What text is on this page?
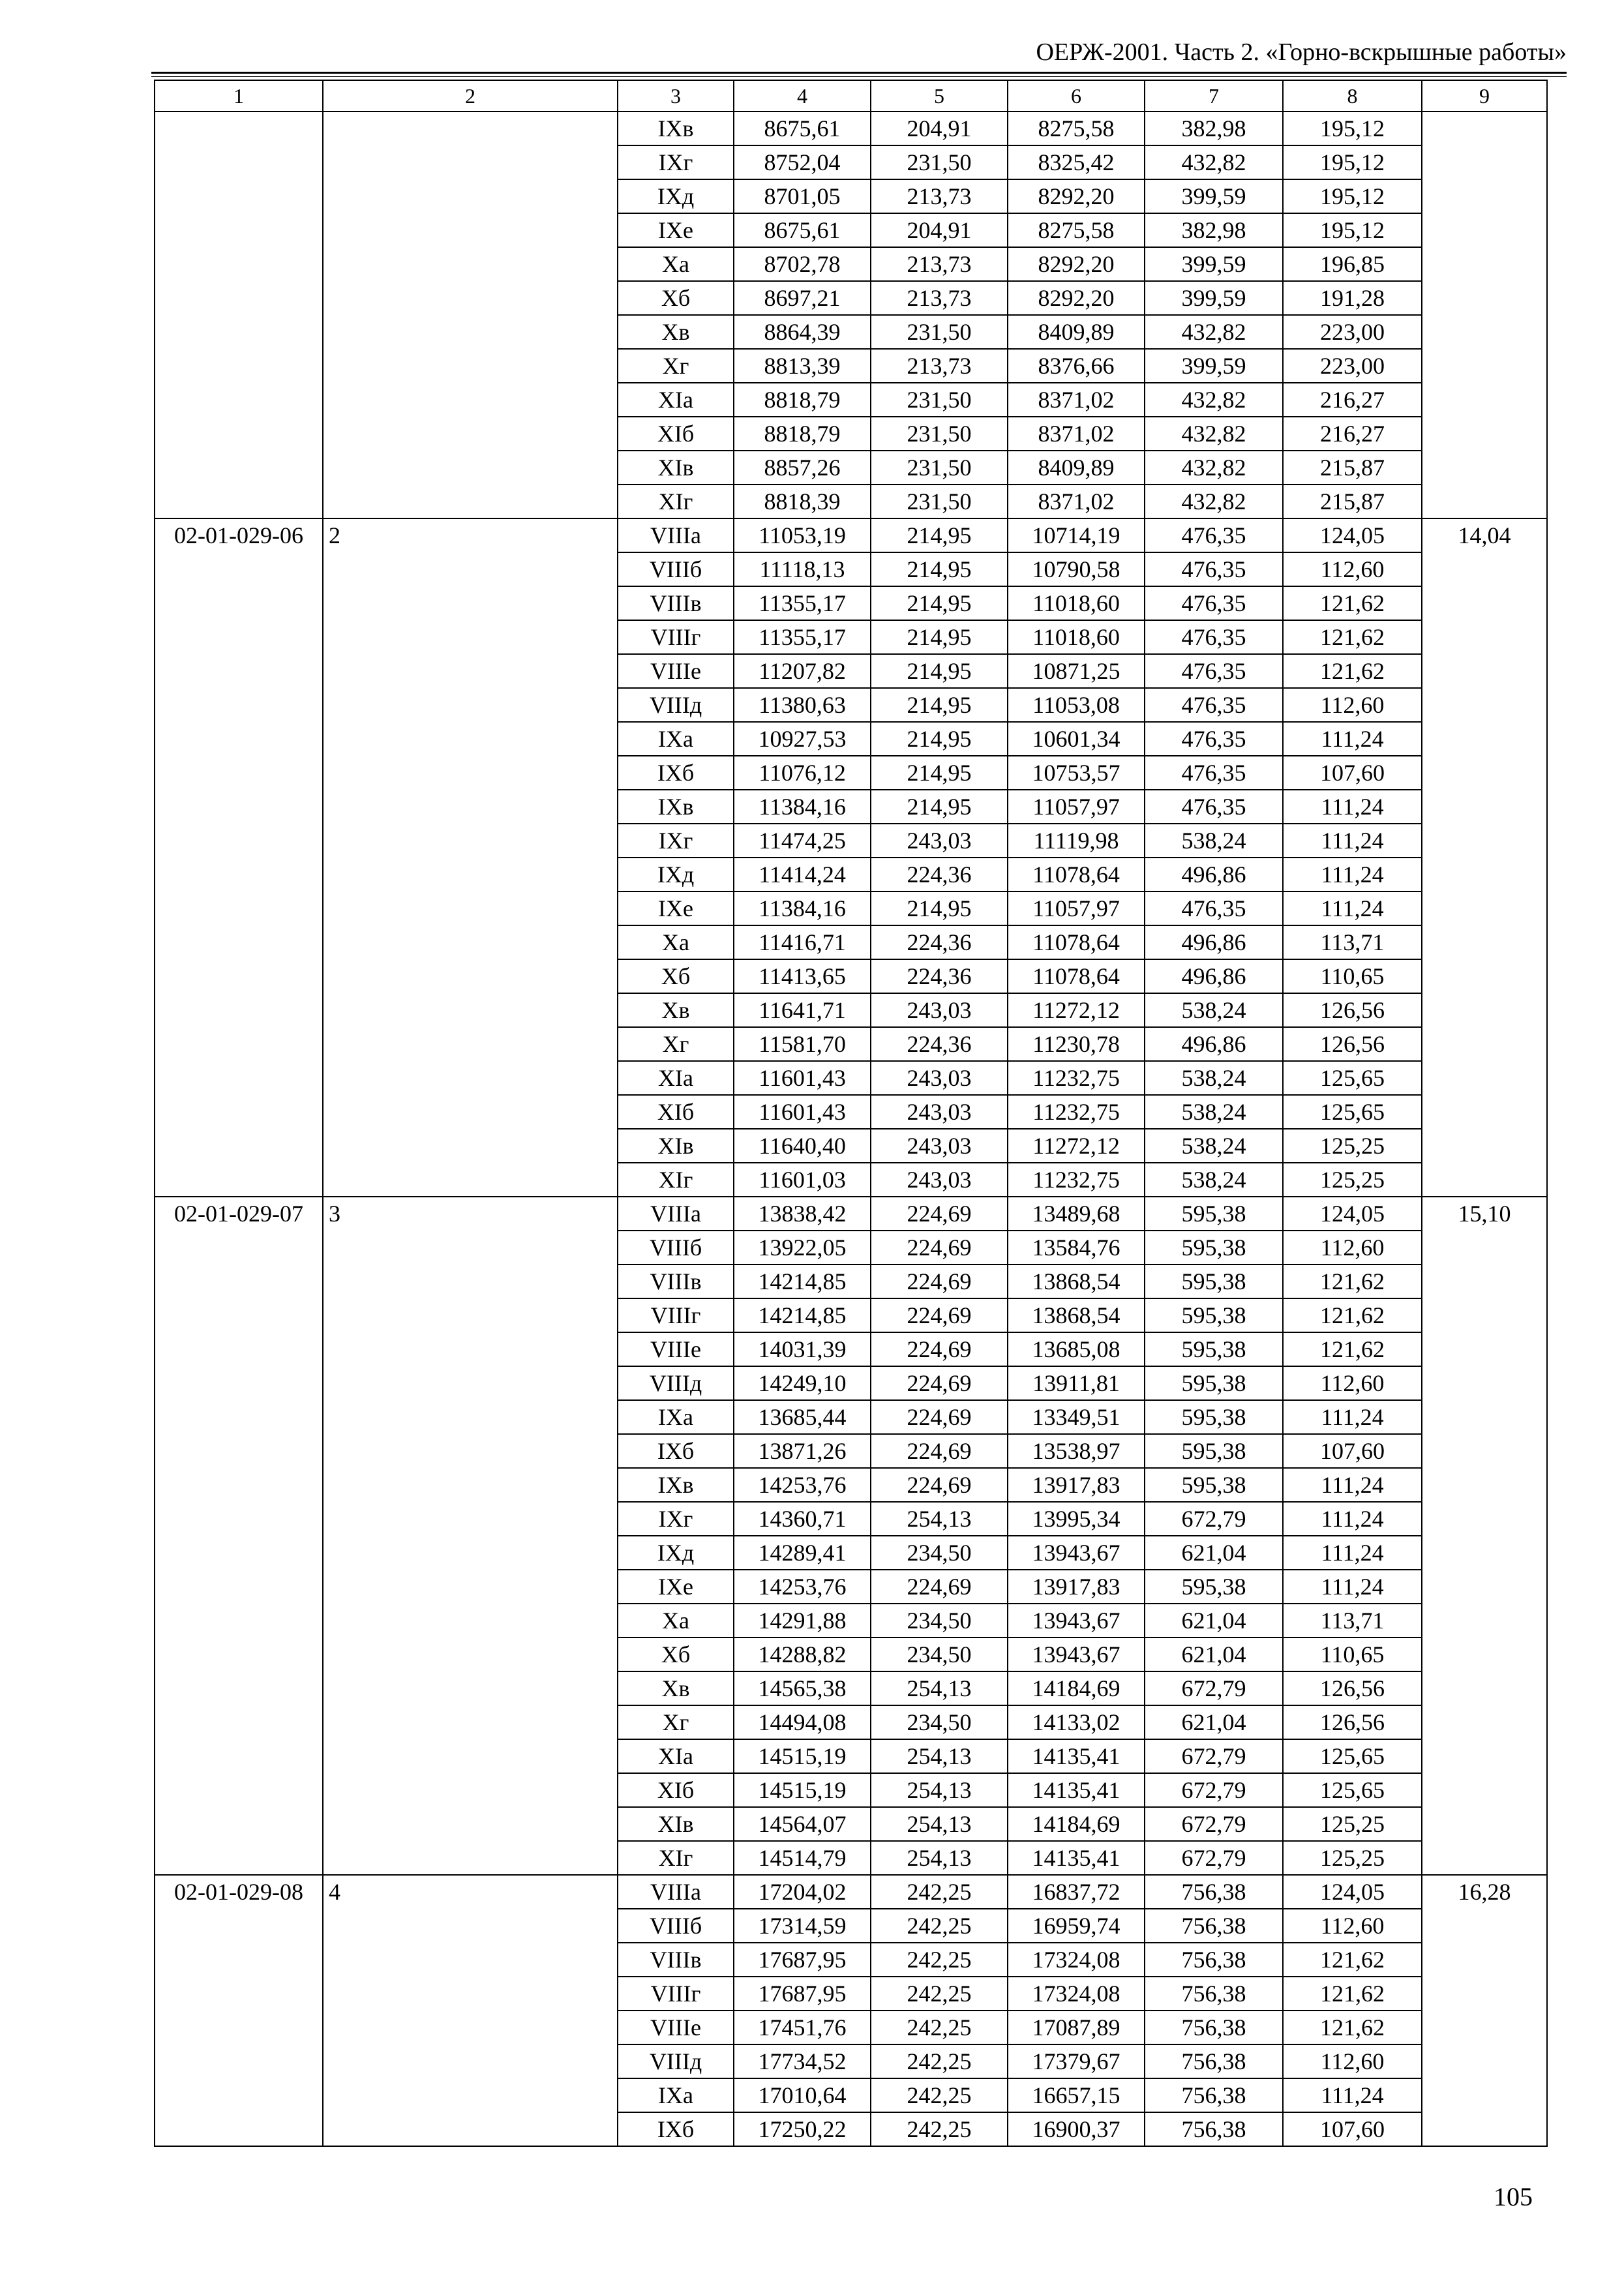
ОЕРЖ-2001. Часть 2. «Горно-вскрышные работы»
1	2	3	4	5	6	7	8	9
		IXв	8675,61	204,91	8275,58	382,98	195,12	
		IXг	8752,04	231,50	8325,42	432,82	195,12	
		IXд	8701,05	213,73	8292,20	399,59	195,12	
		IXе	8675,61	204,91	8275,58	382,98	195,12	
		Xа	8702,78	213,73	8292,20	399,59	196,85	
		Xб	8697,21	213,73	8292,20	399,59	191,28	
		Xв	8864,39	231,50	8409,89	432,82	223,00	
		Xг	8813,39	213,73	8376,66	399,59	223,00	
		XIа	8818,79	231,50	8371,02	432,82	216,27	
		XIб	8818,79	231,50	8371,02	432,82	216,27	
		XIв	8857,26	231,50	8409,89	432,82	215,87	
		XIг	8818,39	231,50	8371,02	432,82	215,87	
02-01-029-06	2	VIIIа	11053,19	214,95	10714,19	476,35	124,05	14,04
		VIIIб	11118,13	214,95	10790,58	476,35	112,60	
		VIIIв	11355,17	214,95	11018,60	476,35	121,62	
		VIIIг	11355,17	214,95	11018,60	476,35	121,62	
		VIIIе	11207,82	214,95	10871,25	476,35	121,62	
		VIIIд	11380,63	214,95	11053,08	476,35	112,60	
		IXа	10927,53	214,95	10601,34	476,35	111,24	
		IXб	11076,12	214,95	10753,57	476,35	107,60	
		IXв	11384,16	214,95	11057,97	476,35	111,24	
		IXг	11474,25	243,03	11119,98	538,24	111,24	
		IXд	11414,24	224,36	11078,64	496,86	111,24	
		IXе	11384,16	214,95	11057,97	476,35	111,24	
		Xа	11416,71	224,36	11078,64	496,86	113,71	
		Xб	11413,65	224,36	11078,64	496,86	110,65	
		Xв	11641,71	243,03	11272,12	538,24	126,56	
		Xг	11581,70	224,36	11230,78	496,86	126,56	
		XIа	11601,43	243,03	11232,75	538,24	125,65	
		XIб	11601,43	243,03	11232,75	538,24	125,65	
		XIв	11640,40	243,03	11272,12	538,24	125,25	
		XIг	11601,03	243,03	11232,75	538,24	125,25	
02-01-029-07	3	VIIIа	13838,42	224,69	13489,68	595,38	124,05	15,10
		VIIIб	13922,05	224,69	13584,76	595,38	112,60	
		VIIIв	14214,85	224,69	13868,54	595,38	121,62	
		VIIIг	14214,85	224,69	13868,54	595,38	121,62	
		VIIIе	14031,39	224,69	13685,08	595,38	121,62	
		VIIIд	14249,10	224,69	13911,81	595,38	112,60	
		IXа	13685,44	224,69	13349,51	595,38	111,24	
		IXб	13871,26	224,69	13538,97	595,38	107,60	
		IXв	14253,76	224,69	13917,83	595,38	111,24	
		IXг	14360,71	254,13	13995,34	672,79	111,24	
		IXд	14289,41	234,50	13943,67	621,04	111,24	
		IXе	14253,76	224,69	13917,83	595,38	111,24	
		Xа	14291,88	234,50	13943,67	621,04	113,71	
		Xб	14288,82	234,50	13943,67	621,04	110,65	
		Xв	14565,38	254,13	14184,69	672,79	126,56	
		Xг	14494,08	234,50	14133,02	621,04	126,56	
		XIа	14515,19	254,13	14135,41	672,79	125,65	
		XIб	14515,19	254,13	14135,41	672,79	125,65	
		XIв	14564,07	254,13	14184,69	672,79	125,25	
		XIг	14514,79	254,13	14135,41	672,79	125,25	
02-01-029-08	4	VIIIа	17204,02	242,25	16837,72	756,38	124,05	16,28
		VIIIб	17314,59	242,25	16959,74	756,38	112,60	
		VIIIв	17687,95	242,25	17324,08	756,38	121,62	
		VIIIг	17687,95	242,25	17324,08	756,38	121,62	
		VIIIе	17451,76	242,25	17087,89	756,38	121,62	
		VIIIд	17734,52	242,25	17379,67	756,38	112,60	
		IXа	17010,64	242,25	16657,15	756,38	111,24	
		IXб	17250,22	242,25	16900,37	756,38	107,60	
105
